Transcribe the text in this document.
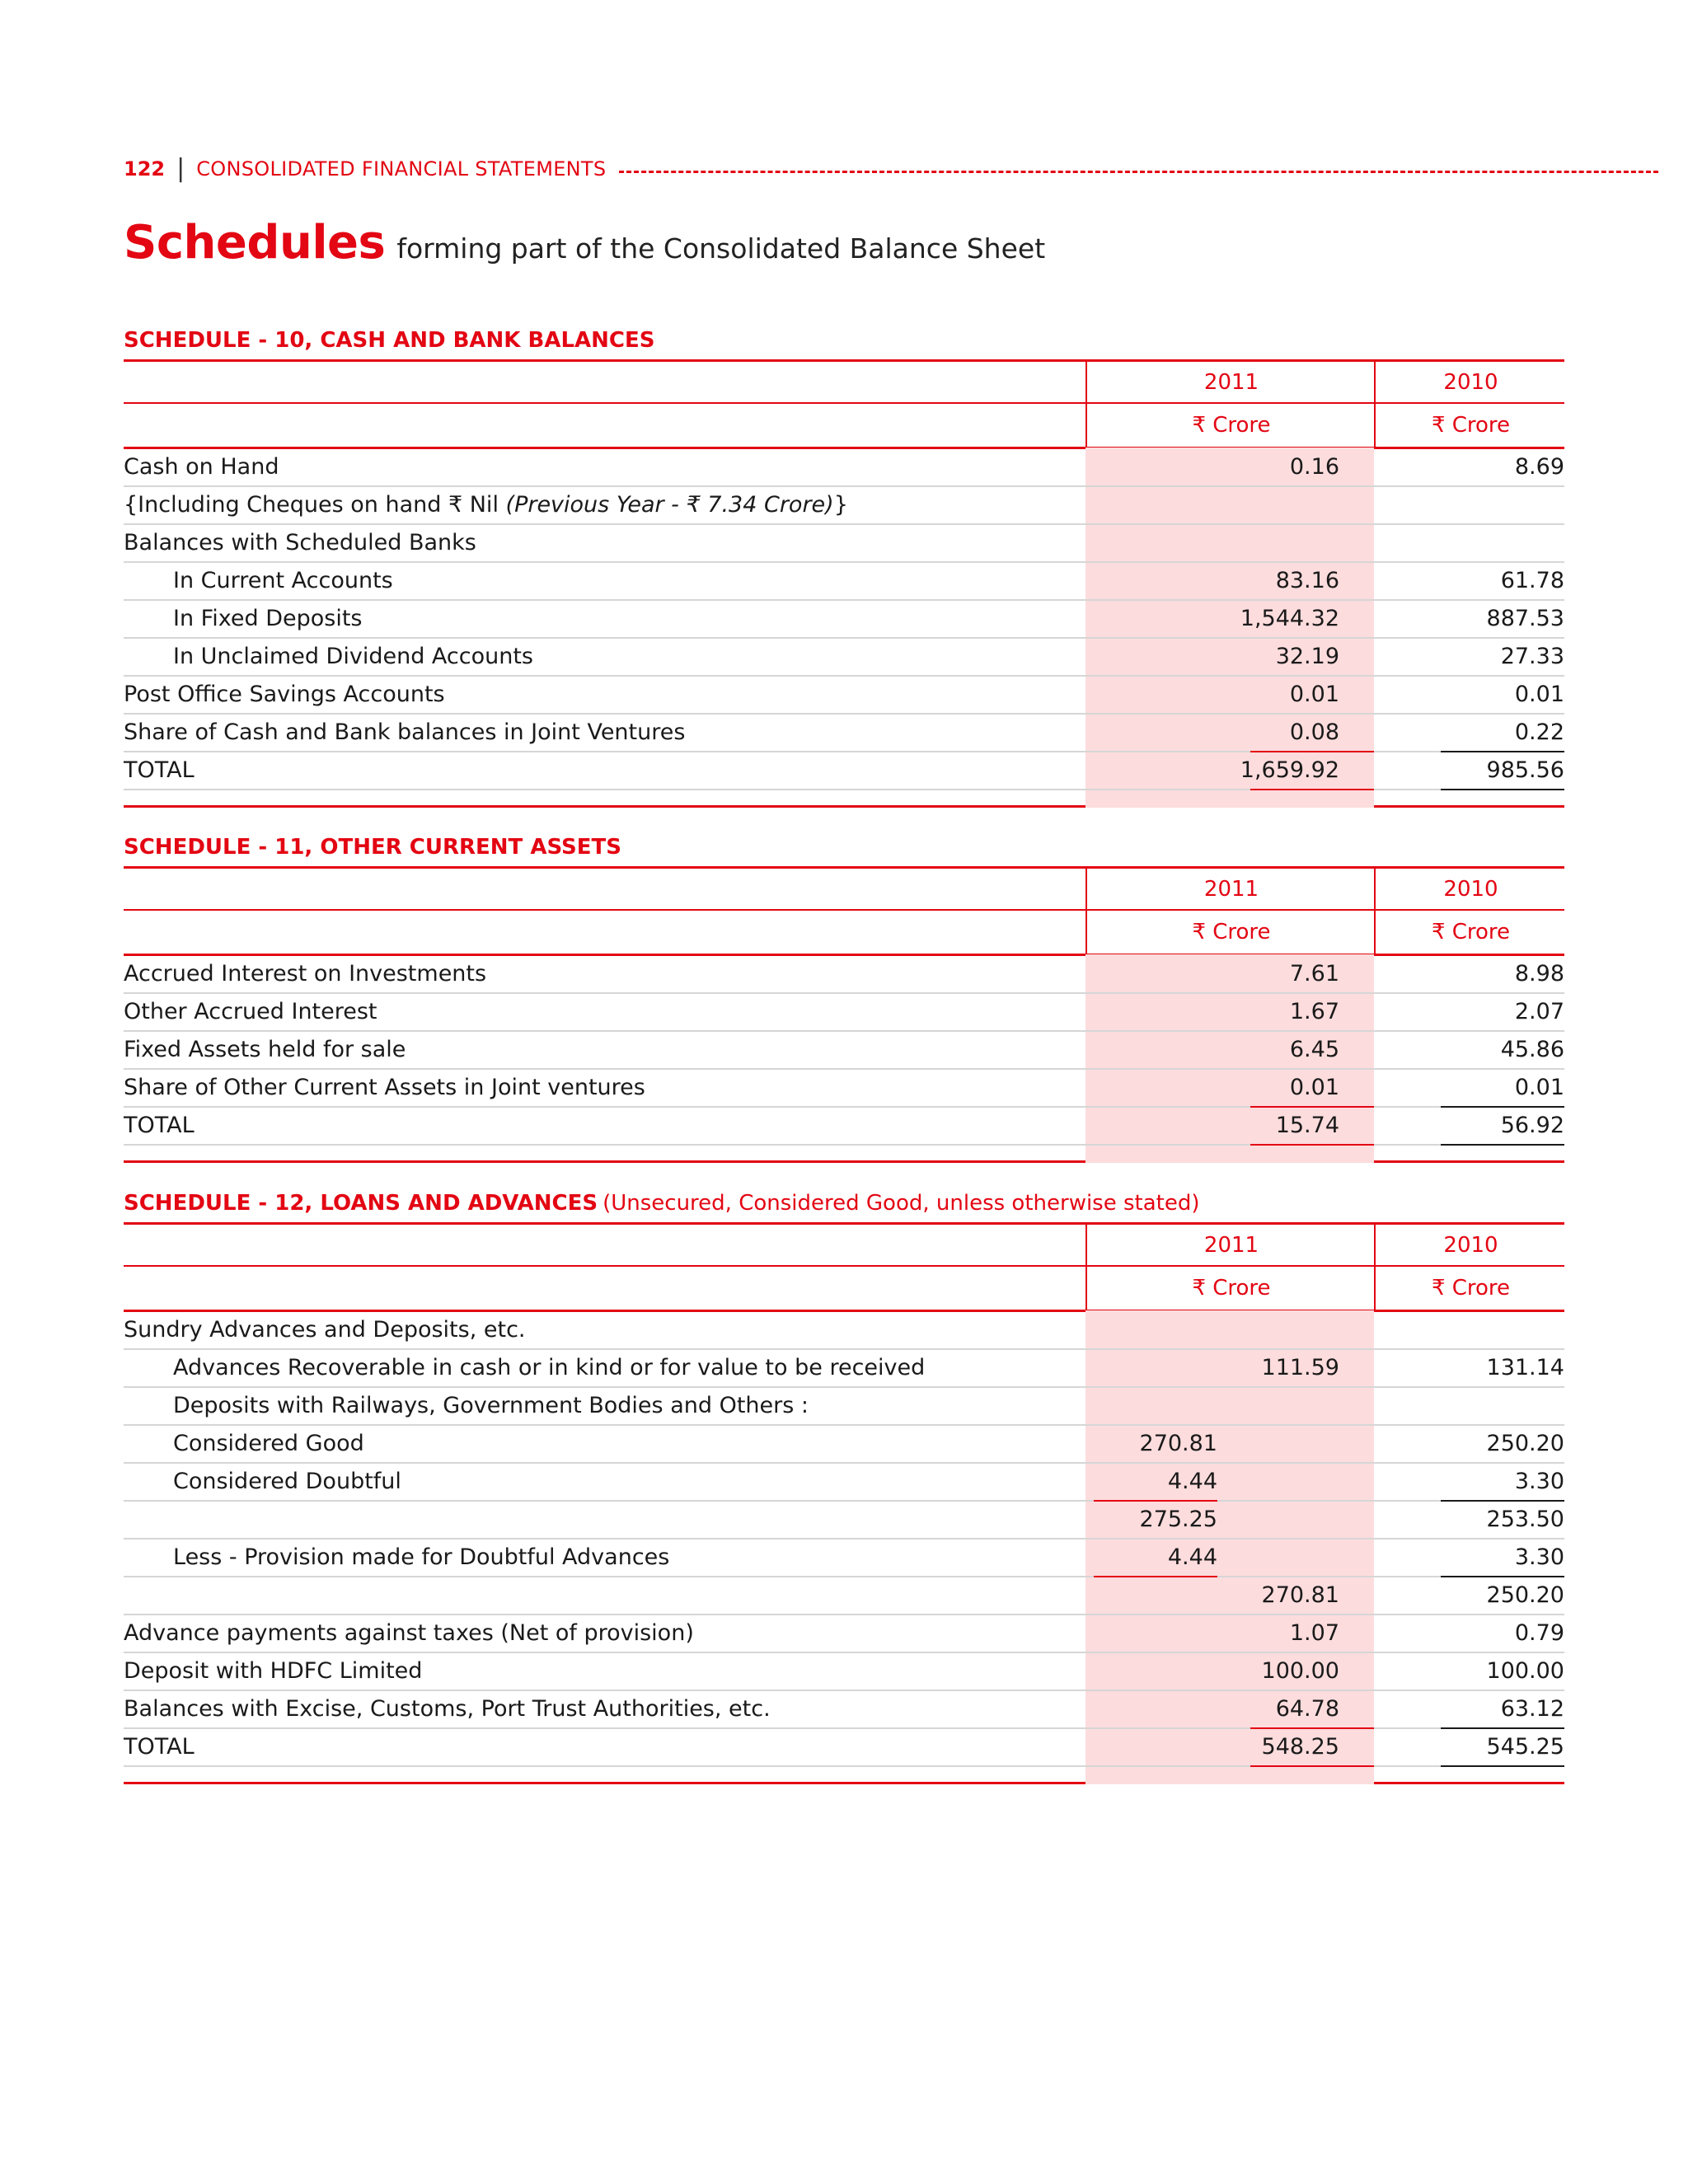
122 | CONSOLIDATED FINANCIAL STATEMENTS
Schedules forming part of the Consolidated Balance Sheet
SCHEDULE - 10, CASH AND BANK BALANCES
2011	2010
₹ Crore	₹ Crore
Cash on Hand	0.16	8.69
{Including Cheques on hand ₹ Nil (Previous Year - ₹ 7.34 Crore)}
Balances with Scheduled Banks
In Current Accounts	83.16	61.78
In Fixed Deposits	1,544.32	887.53
In Unclaimed Dividend Accounts	32.19	27.33
Post Office Savings Accounts	0.01	0.01
Share of Cash and Bank balances in Joint Ventures	0.08	0.22
TOTAL	1,659.92	985.56
SCHEDULE - 11, OTHER CURRENT ASSETS
2011	2010
₹ Crore	₹ Crore
Accrued Interest on Investments	7.61	8.98
Other Accrued Interest	1.67	2.07
Fixed Assets held for sale	6.45	45.86
Share of Other Current Assets in Joint ventures	0.01	0.01
TOTAL	15.74	56.92
SCHEDULE - 12, LOANS AND ADVANCES (Unsecured, Considered Good, unless otherwise stated)
2011	2010
₹ Crore	₹ Crore
Sundry Advances and Deposits, etc.
Advances Recoverable in cash or in kind or for value to be received	111.59	131.14
Deposits with Railways, Government Bodies and Others :
Considered Good	270.81	250.20
Considered Doubtful	4.44	3.30
275.25	253.50
Less - Provision made for Doubtful Advances	4.44	3.30
270.81	250.20
Advance payments against taxes (Net of provision)	1.07	0.79
Deposit with HDFC Limited	100.00	100.00
Balances with Excise, Customs, Port Trust Authorities, etc.	64.78	63.12
TOTAL	548.25	545.25
